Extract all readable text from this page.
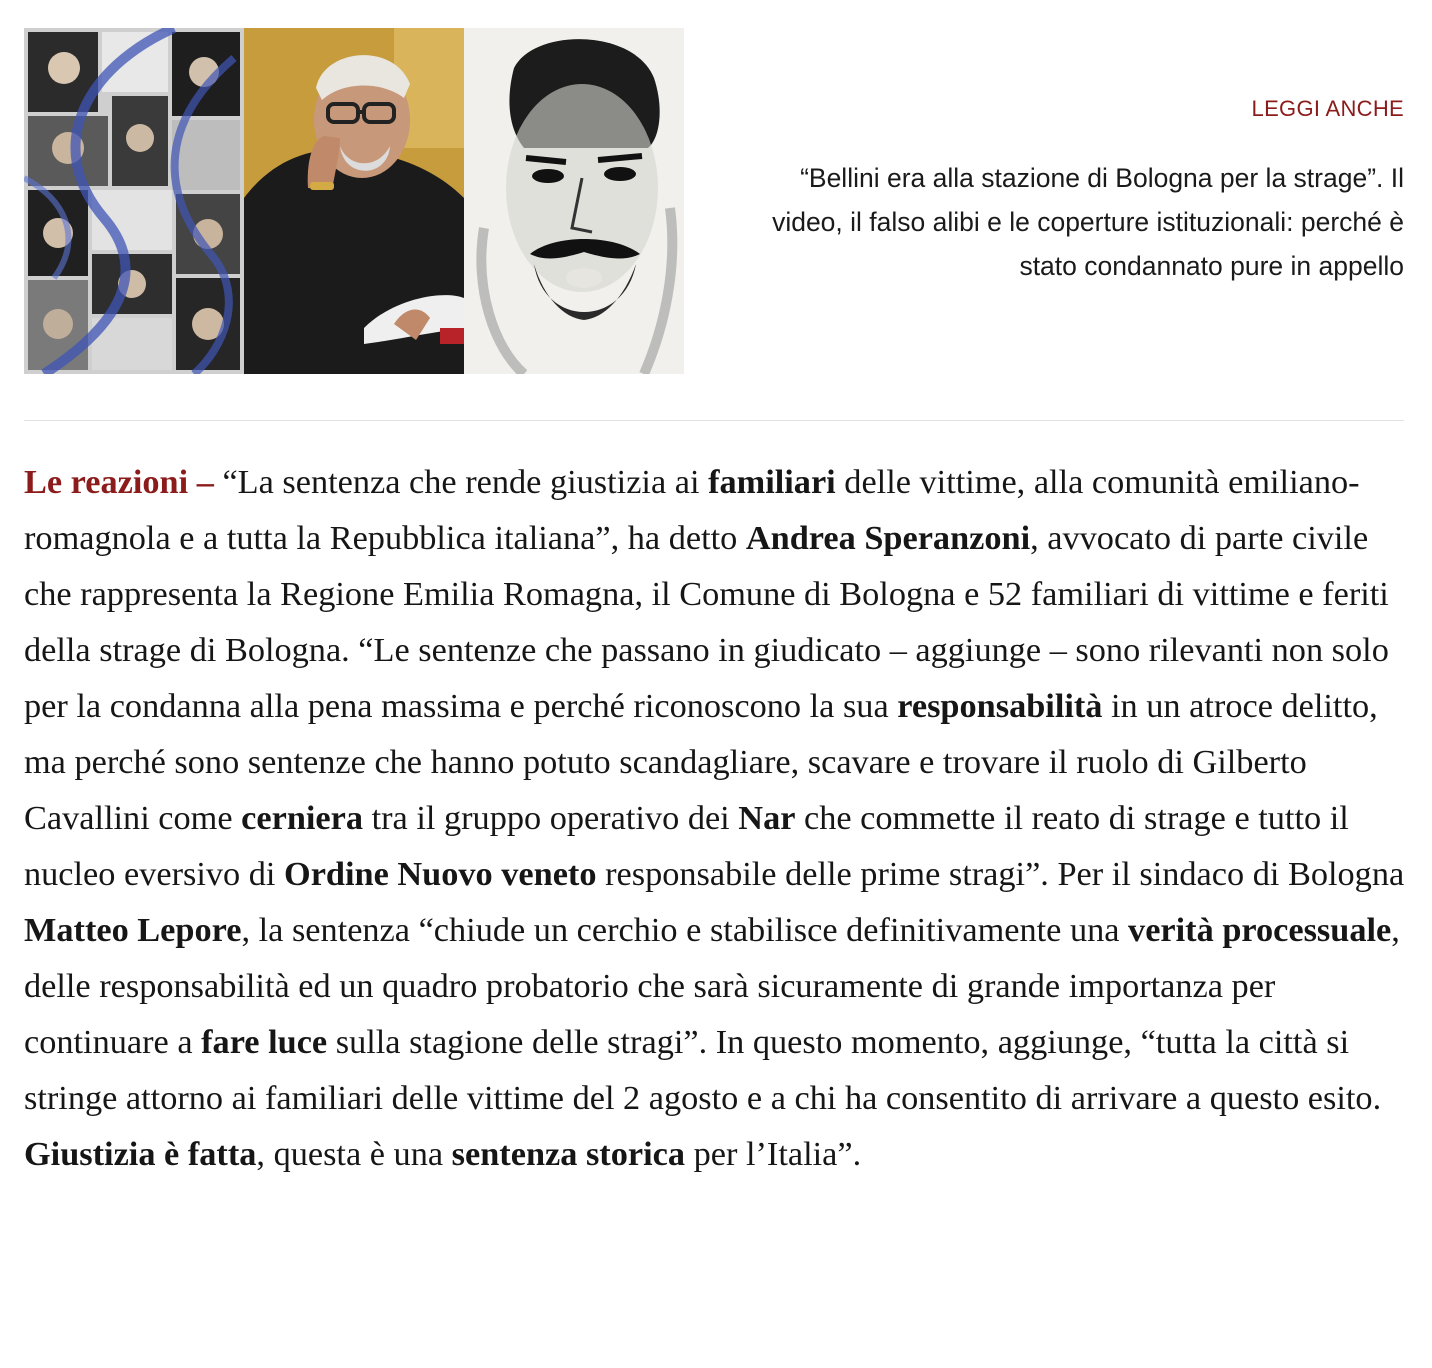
LEGGI ANCHE
“Bellini era alla stazione di Bologna per la strage”. Il video, il falso alibi e le coperture istituzionali: perché è stato condannato pure in appello

Le reazioni – “La sentenza che rende giustizia ai familiari delle vittime, alla comunità emiliano-romagnola e a tutta la Repubblica italiana”, ha detto Andrea Speranzoni, avvocato di parte civile che rappresenta la Regione Emilia Romagna, il Comune di Bologna e 52 familiari di vittime e feriti della strage di Bologna. “Le sentenze che passano in giudicato – aggiunge – sono rilevanti non solo per la condanna alla pena massima e perché riconoscono la sua responsabilità in un atroce delitto, ma perché sono sentenze che hanno potuto scandagliare, scavare e trovare il ruolo di Gilberto Cavallini come cerniera tra il gruppo operativo dei Nar che commette il reato di strage e tutto il nucleo eversivo di Ordine Nuovo veneto responsabile delle prime stragi”. Per il sindaco di Bologna Matteo Lepore, la sentenza “chiude un cerchio e stabilisce definitivamente una verità processuale, delle responsabilità ed un quadro probatorio che sarà sicuramente di grande importanza per continuare a fare luce sulla stagione delle stragi”. In questo momento, aggiunge, “tutta la città si stringe attorno ai familiari delle vittime del 2 agosto e a chi ha consentito di arrivare a questo esito. Giustizia è fatta, questa è una sentenza storica per l’Italia”.
